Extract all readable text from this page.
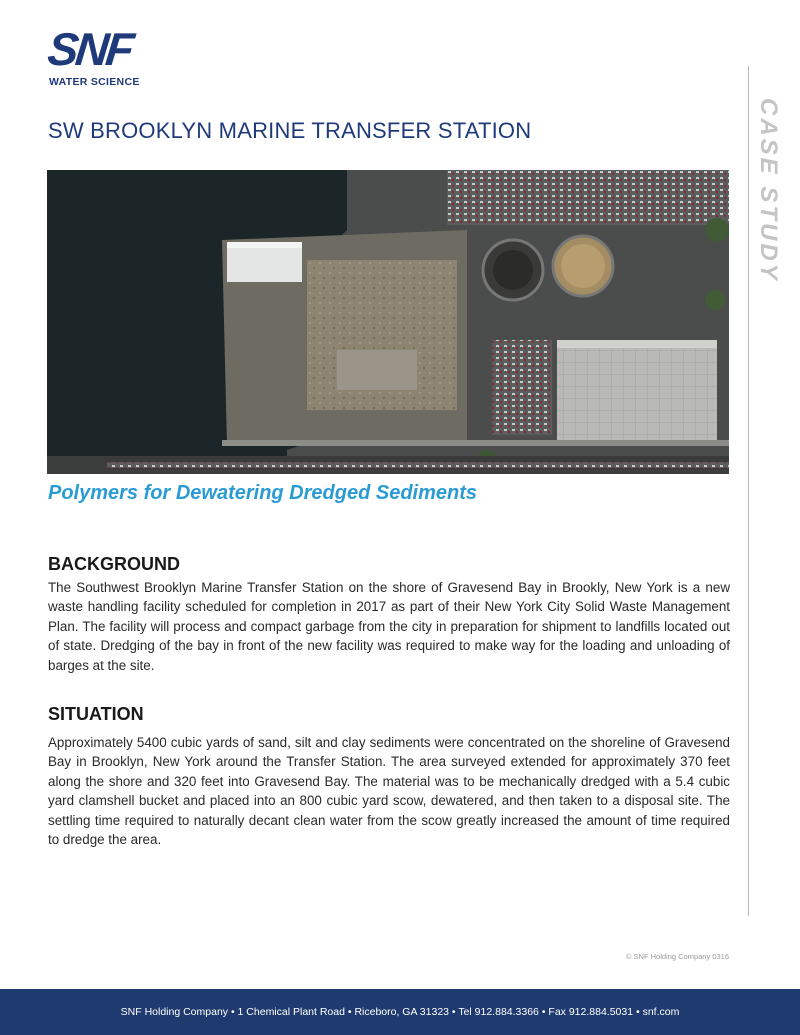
SNF
WATER SCIENCE
SW BROOKLYN MARINE TRANSFER STATION	CASE STUDY
Polymers for Dewatering Dredged Sediments
BACKGROUND

The Southwest Brooklyn Marine Transfer Station on the shore of Gravesend Bay in Brookly, New York is a new waste handling facility scheduled for completion in 2017 as part of their New York City Solid Waste Management Plan. The facility will process and compact garbage from the city in preparation for shipment to landfills located out of state. Dredging of the bay in front of the new facility was required to make way for the loading and unloading of barges at the site.

SITUATION

Approximately 5400 cubic yards of sand, silt and clay sediments were concentrated on the shoreline of Gravesend Bay in Brooklyn, New York around the Transfer Station. The area surveyed extended for approximately 370 feet along the shore and 320 feet into Gravesend Bay. The material was to be mechanically dredged with a 5.4 cubic yard clamshell bucket and placed into an 800 cubic yard scow, dewatered, and then taken to a disposal site. The settling time required to naturally decant clean water from the scow greatly increased the amount of time required to dredge the area.

© SNF Holding Company 0316
SNF Holding Company • 1 Chemical Plant Road • Riceboro, GA 31323 • Tel 912.884.3366 • Fax 912.884.5031 • snf.com
